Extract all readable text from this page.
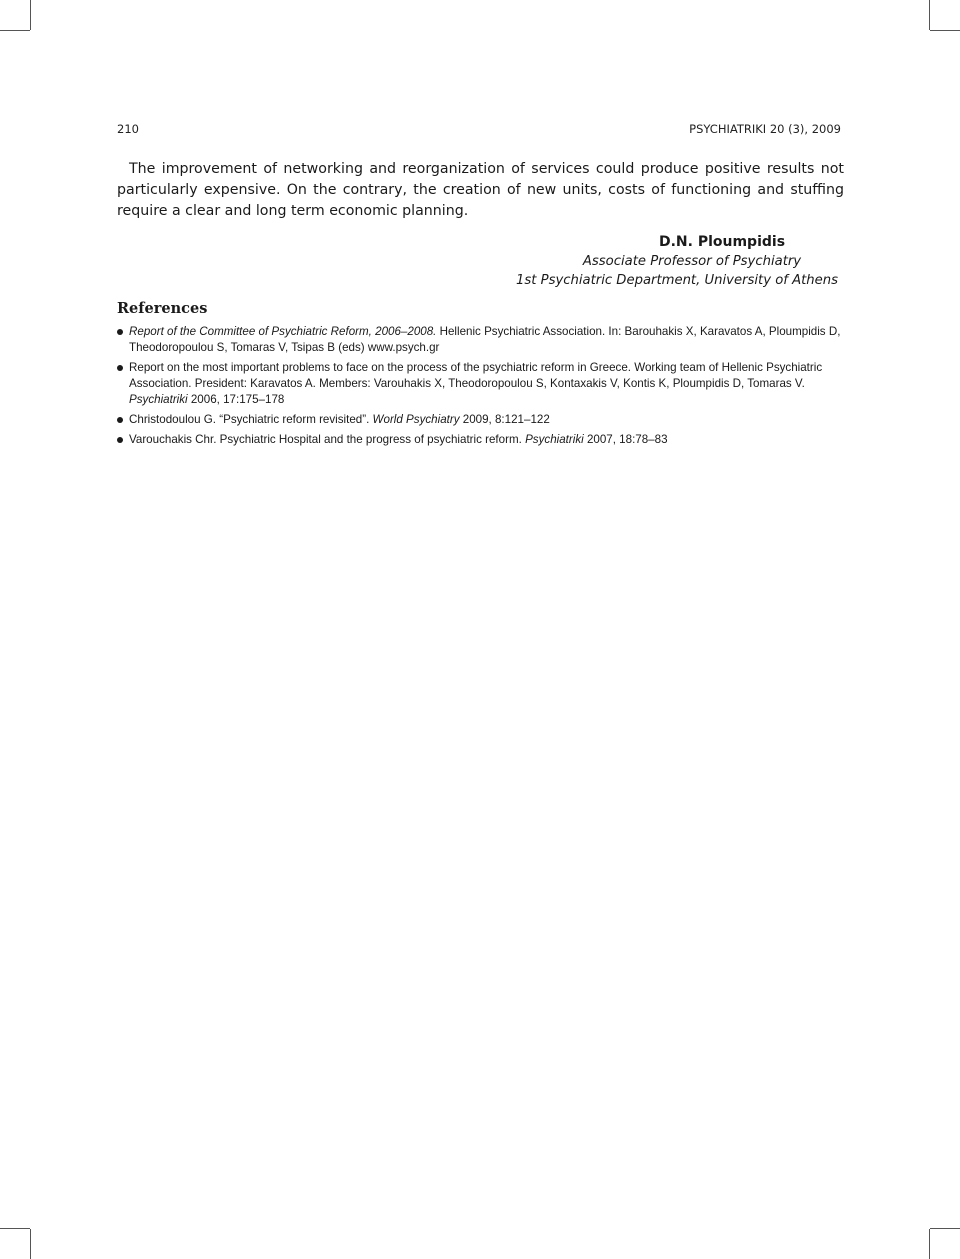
210	PSYCHIATRIKI 20 (3), 2009

The improvement of networking and reorganization of services could produce positive results not particularly expensive. On the contrary, the creation of new units, costs of functioning and stuffing require a clear and long term economic planning.

D.N. Ploumpidis
Associate Professor of Psychiatry
1st Psychiatric Department, University of Athens
References
Report of the Committee of Psychiatric Reform, 2006–2008. Hellenic Psychiatric Association. In: Barouhakis X, Karavatos A, Ploumpidis D, Theodoropoulou S, Tomaras V, Tsipas B (eds) www.psych.gr
Report on the most important problems to face on the process of the psychiatric reform in Greece. Working team of Hellenic Psychiatric Association. President: Karavatos A. Members: Varouhakis X, Theodoropoulou S, Kontaxakis V, Kontis K, Ploumpidis D, Tomaras V. Psychiatriki 2006, 17:175–178
Christodoulou G. “Psychiatric reform revisited”. World Psychiatry 2009, 8:121–122
Varouchakis Chr. Psychiatric Hospital and the progress of psychiatric reform. Psychiatriki 2007, 18:78–83
